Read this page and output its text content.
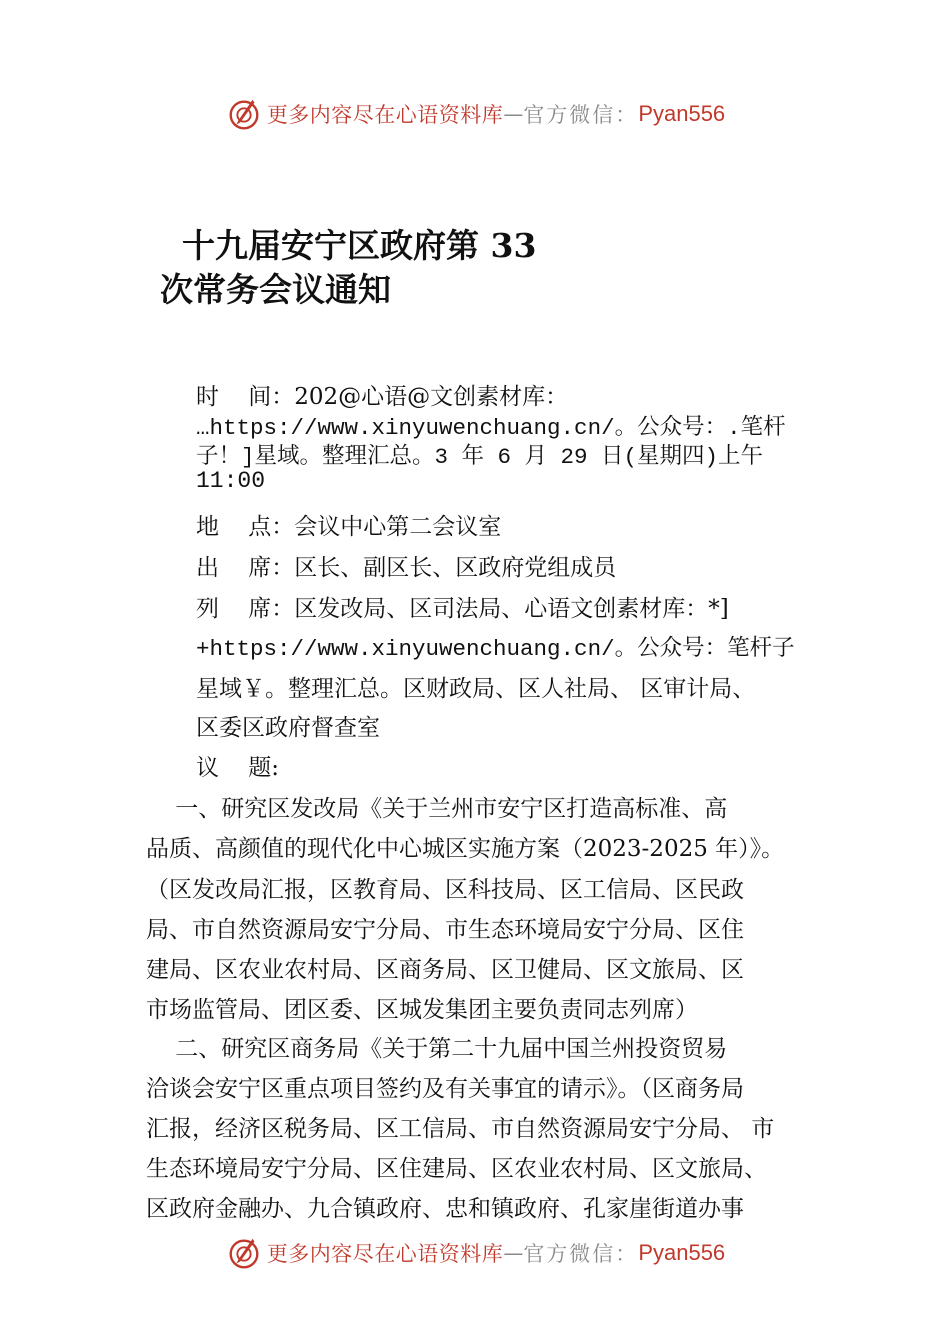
更多内容尽在心语资料库 — 官方微信： Pyan556
十九届安宁区政府第 33
次常务会议通知
时    间：202@心语@文创素材库：
…https://www.xinyuwenchuang.cn/。公众号：.笔杆
子！]星域。整理汇总。3 年 6 月 29 日(星期四)上午
11:00
地    点：会议中心第二会议室
出    席：区长、副区长、区政府党组成员
列    席：区发改局、区司法局、心语文创素材库：*]
+https://www.xinyuwenchuang.cn/。公众号：笔杆子
星域￥。整理汇总。区财政局、区人社局、 区审计局、
区委区政府督查室
议    题:
一、研究区发改局《关于兰州市安宁区打造高标准、高
品质、高颜值的现代化中心城区实施方案（2023-2025 年）》。
（区发改局汇报，区教育局、区科技局、区工信局、区民政
局、市自然资源局安宁分局、市生态环境局安宁分局、区住
建局、区农业农村局、区商务局、区卫健局、区文旅局、区
市场监管局、团区委、区城发集团主要负责同志列席）
二、研究区商务局《关于第二十九届中国兰州投资贸易
洽谈会安宁区重点项目签约及有关事宜的请示》。（区商务局
汇报，经济区税务局、区工信局、市自然资源局安宁分局、 市
生态环境局安宁分局、区住建局、区农业农村局、区文旅局、
区政府金融办、九合镇政府、忠和镇政府、孔家崖街道办事
更多内容尽在心语资料库 — 官方微信： Pyan556
